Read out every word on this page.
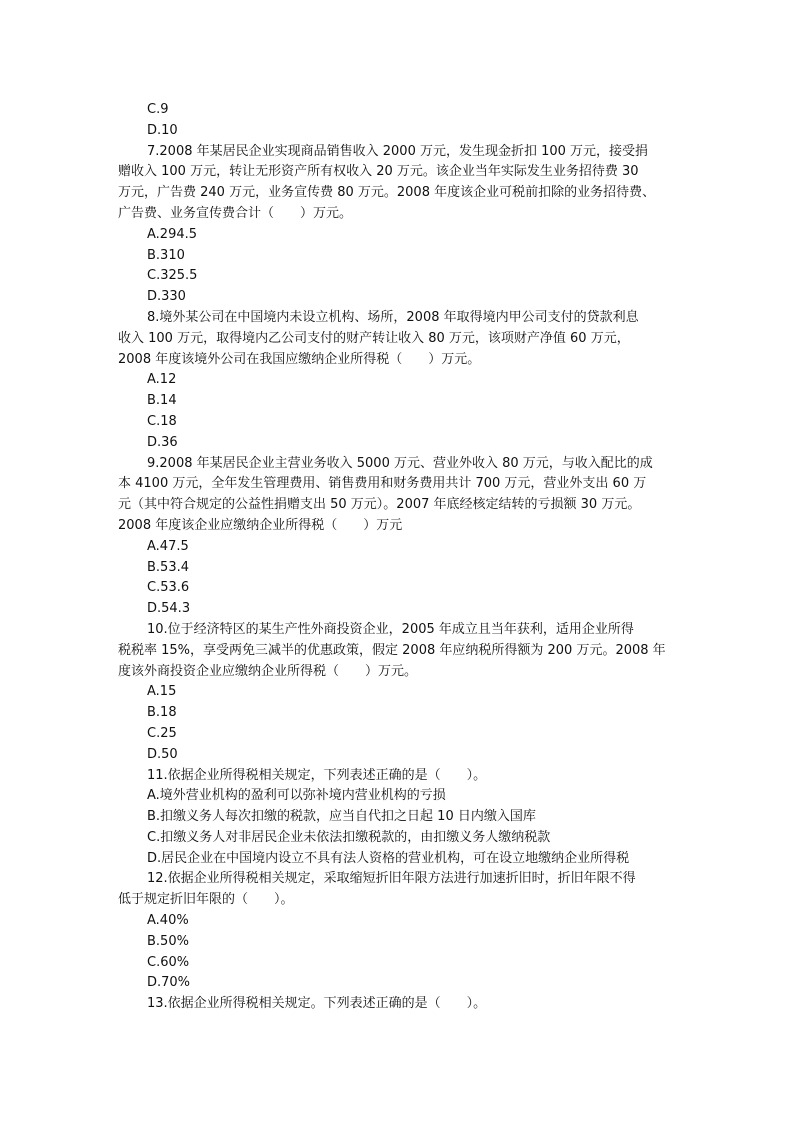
C.9
D.10
7.2008 年某居民企业实现商品销售收入 2000 万元，发生现金折扣 100 万元，接受捐
赠收入 100 万元，转让无形资产所有权收入 20 万元。该企业当年实际发生业务招待费 30
万元，广告费 240 万元，业务宣传费 80 万元。2008 年度该企业可税前扣除的业务招待费、
广告费、业务宣传费合计（　　）万元。
A.294.5
B.310
C.325.5
D.330
8.境外某公司在中国境内未设立机构、场所，2008 年取得境内甲公司支付的贷款利息
收入 100 万元，取得境内乙公司支付的财产转让收入 80 万元，该项财产净值 60 万元，
2008 年度该境外公司在我国应缴纳企业所得税（　　）万元。
A.12
B.14
C.18
D.36
9.2008 年某居民企业主营业务收入 5000 万元、营业外收入 80 万元，与收入配比的成
本 4100 万元，全年发生管理费用、销售费用和财务费用共计 700 万元，营业外支出 60 万
元（其中符合规定的公益性捐赠支出 50 万元）。2007 年底经核定结转的亏损额 30 万元。
2008 年度该企业应缴纳企业所得税（　　）万元
A.47.5
B.53.4
C.53.6
D.54.3
10.位于经济特区的某生产性外商投资企业，2005 年成立且当年获利，适用企业所得
税税率 15%，享受两免三减半的优惠政策，假定 2008 年应纳税所得额为 200 万元。2008 年
度该外商投资企业应缴纳企业所得税（　　）万元。
A.15
B.18
C.25
D.50
11.依据企业所得税相关规定，下列表述正确的是（　　）。
A.境外营业机构的盈利可以弥补境内营业机构的亏损
B.扣缴义务人每次扣缴的税款，应当自代扣之日起 10 日内缴入国库
C.扣缴义务人对非居民企业未依法扣缴税款的，由扣缴义务人缴纳税款
D.居民企业在中国境内设立不具有法人资格的营业机构，可在设立地缴纳企业所得税
12.依据企业所得税相关规定，采取缩短折旧年限方法进行加速折旧时，折旧年限不得
低于规定折旧年限的（　　）。
A.40%
B.50%
C.60%
D.70%
13.依据企业所得税相关规定。下列表述正确的是（　　）。
